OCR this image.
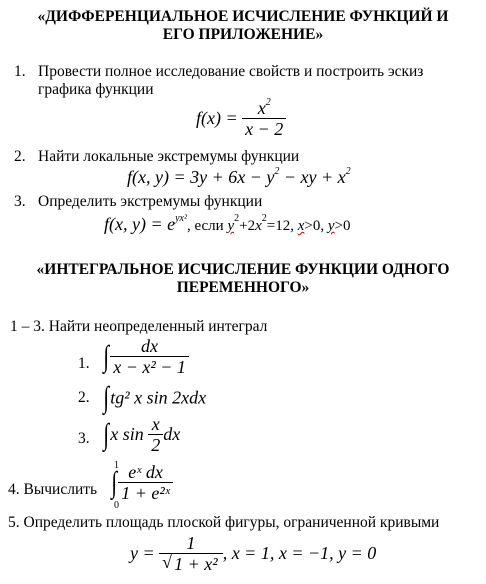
«ДИФФЕРЕНЦИАЛЬНОЕ ИСЧИСЛЕНИЕ ФУНКЦИЙ И
ЕГО ПРИЛОЖЕНИЕ»
1. Провести полное исследование свойств и построить эскиз
графика функции
$f(x) = \frac{x^2}{x - 2}$
2. Найти локальные экстремумы функции
f(x, $y) = 3y + 6x - y^2$ − xy + $x^2$
3. Определить экстремумы функции
f(x, $y) = e^{yx^2}$, если $y^2+2x^2=12$, x>0, y>0
«ИНТЕГРАЛЬНОЕ ИСЧИСЛЕНИЕ ФУНКЦИИ ОДНОГО
ПЕРЕМЕННОГО»
1 – 3. Найти неопределенный интеграл
1. ∫ $\frac{dx}{\text{x − x² − 1}}$
2. ∫tg² x sin 2xdx
3. ∫x $\sin \frac{x}{2}$ dx
4. Вычислить
1
0
∫ $\frac{\text{eˣ dx}}{\text{1 + e²ˣ}}$
5. Определить площадь плоской фигуры, ограниченной кривыми
$y = \frac{1}{\text{√ 1 + x²}}$ , x = 1, x = −1, y = 0
